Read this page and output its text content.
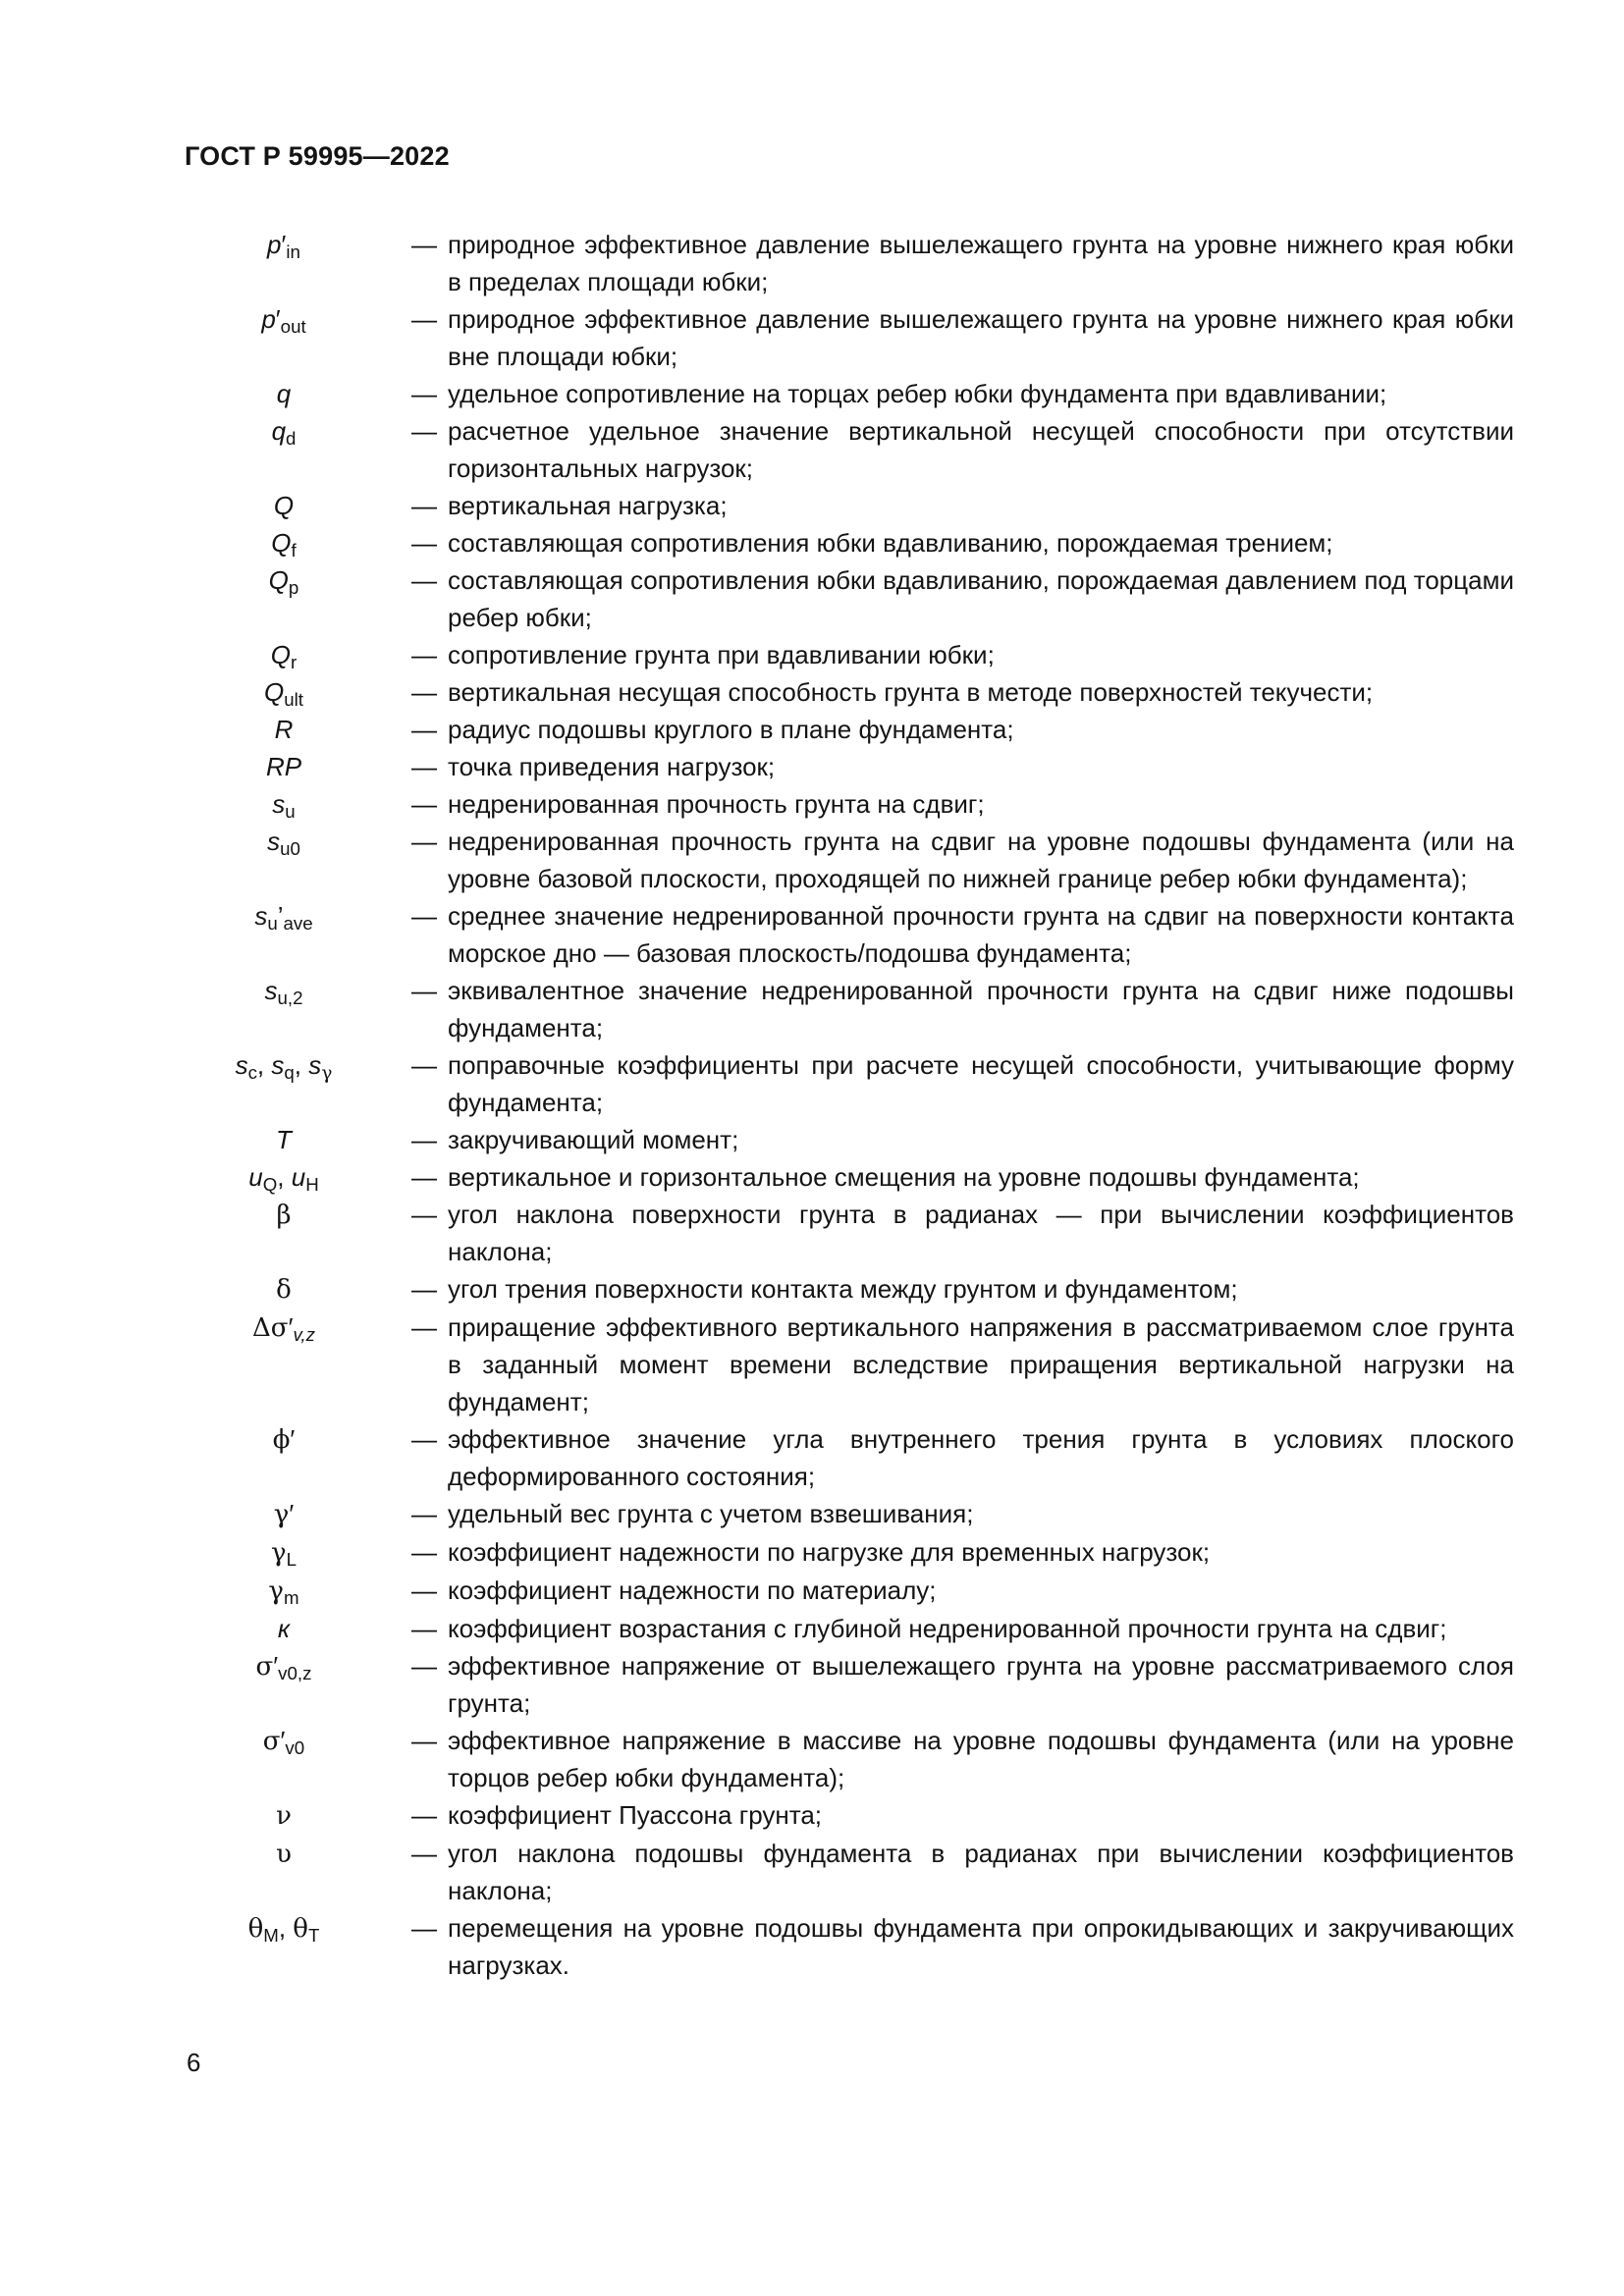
ГОСТ Р 59995—2022
$p'_{in}$	— природное эффективное давление вышележащего грунта на уровне нижнего края юбки в пределах площади юбки;
$p'_{out}$	— природное эффективное давление вышележащего грунта на уровне нижнего края юбки вне площади юбки;
q	— удельное сопротивление на торцах ребер юбки фундамента при вдавливании;
$q_d$	— расчетное удельное значение вертикальной несущей способности при отсутствии горизонтальных нагрузок;
Q	— вертикальная нагрузка;
$Q_f$	— составляющая сопротивления юбки вдавливанию, порождаемая трением;
$Q_p$	— составляющая сопротивления юбки вдавливанию, порождаемая давлением под торцами ребер юбки;
$Q_r$	— сопротивление грунта при вдавливании юбки;
$Q_{ult}$	— вертикальная несущая способность грунта в методе поверхностей текучести;
R	— радиус подошвы круглого в плане фундамента;
RP	— точка приведения нагрузок;
$s_u$	— недренированная прочность грунта на сдвиг;
$s_{u0}$	— недренированная прочность грунта на сдвиг на уровне подошвы фундамента (или на уровне базовой плоскости, проходящей по нижней границе ребер юбки фундамента);
$s_u’_{ave}$	— среднее значение недренированной прочности грунта на сдвиг на поверхности контакта морское дно — базовая плоскость/подошва фундамента;
$s_{u,2}$	— эквивалентное значение недренированной прочности грунта на сдвиг ниже подошвы фундамента;
$s_c$, $s_q$, $s_\gamma$	— поправочные коэффициенты при расчете несущей способности, учитывающие форму фундамента;
T	— закручивающий момент;
$u_Q$, $u_H$	— вертикальное и горизонтальное смещения на уровне подошвы фундамента;
β	— угол наклона поверхности грунта в радианах — при вычислении коэффициентов наклона;
δ	— угол трения поверхности контакта между грунтом и фундаментом;
$\Delta\sigma'_{v,z}$	— приращение эффективного вертикального напряжения в рассматриваемом слое грунта в заданный момент времени вследствие приращения вертикальной нагрузки на фундамент;
ϕ′	— эффективное значение угла внутреннего трения грунта в условиях плоского деформированного состояния;
γ′	— удельный вес грунта с учетом взвешивания;
$\gamma_L$	— коэффициент надежности по нагрузке для временных нагрузок;
$\gamma_m$	— коэффициент надежности по материалу;
к	— коэффициент возрастания с глубиной недренированной прочности грунта на сдвиг;
$\sigma'_{v0,z}$	— эффективное напряжение от вышележащего грунта на уровне рассматриваемого слоя грунта;
$\sigma'_{v0}$	— эффективное напряжение в массиве на уровне подошвы фундамента (или на уровне торцов ребер юбки фундамента);
ν	— коэффициент Пуассона грунта;
υ	— угол наклона подошвы фундамента в радианах при вычислении коэффициентов наклона;
$\theta_M$, $\theta_T$	— перемещения на уровне подошвы фундамента при опрокидывающих и закручивающих нагрузках.
6
